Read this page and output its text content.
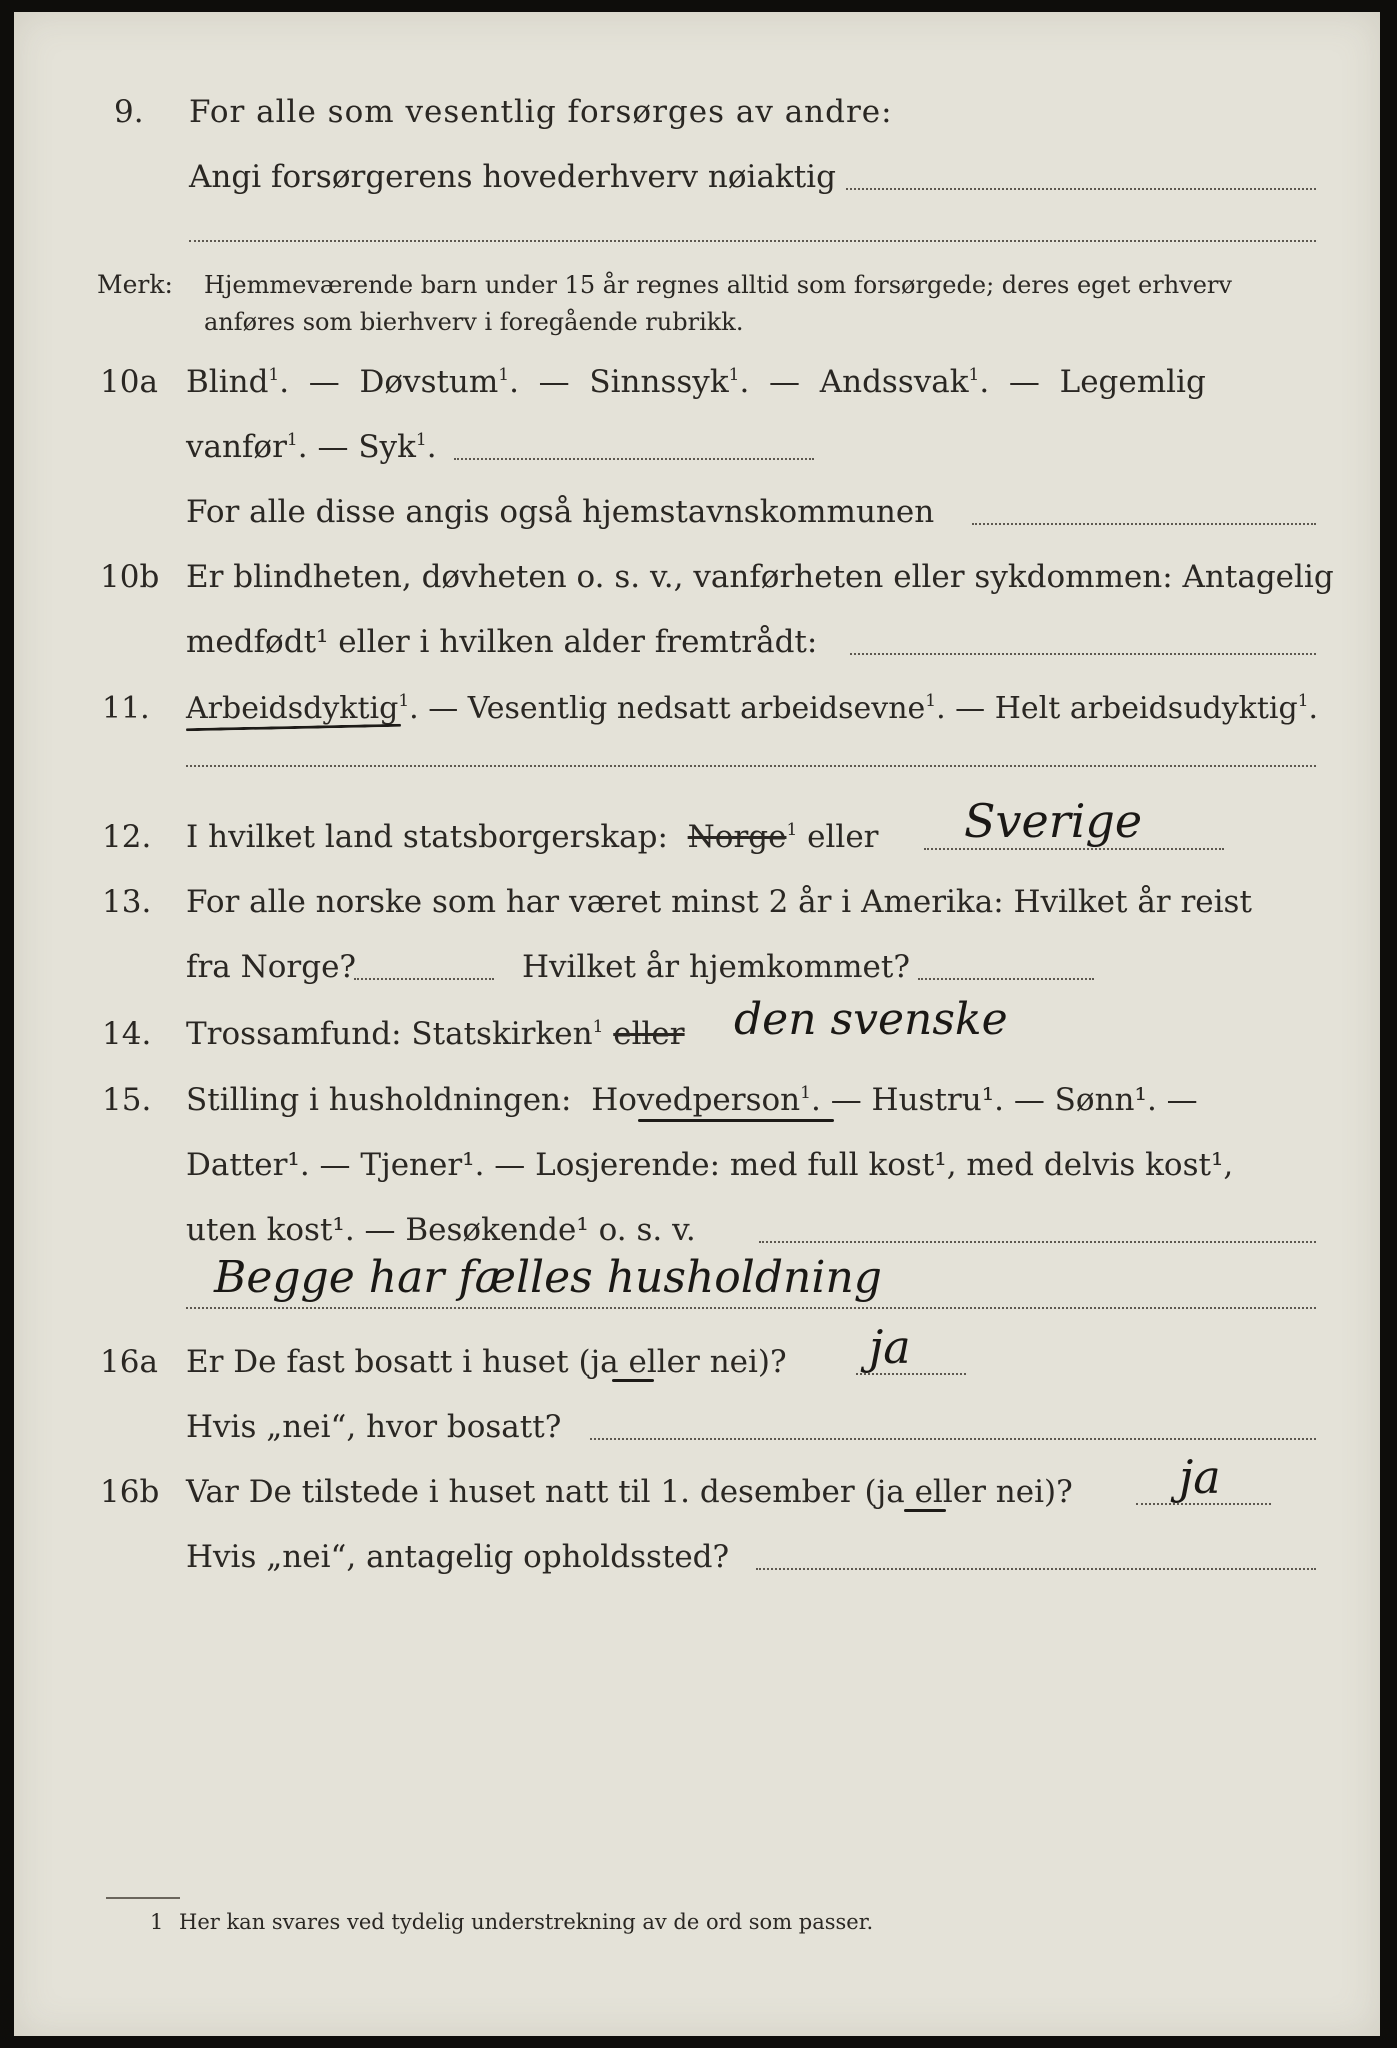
9. For alle som vesentlig forsørges av andre:
Angi forsørgerens hovederhverv nøiaktig
Merk: Hjemmeværende barn under 15 år regnes alltid som forsørgede; deres eget erhverv
anføres som bierhverv i foregående rubrikk.
10a Blind$^1$.  —  Døvstum$^1$.  —  Sinnssyk$^1$.  —  Andssvak$^1$.  —  Legemlig
vanfør$^1$. — Syk$^1$.
For alle disse angis også hjemstavnskommunen
10b Er blindheten, døvheten o. s. v., vanførheten eller sykdommen: Antagelig
medfødt¹ eller i hvilken alder fremtrådt:
11. Arbeidsdyktig$^1$. — Vesentlig nedsatt arbeidsevne$^1$. — Helt arbeidsudyktig$^1$.
12. I hvilket land statsborgerskap: Norge$^1$ eller Sverige
13. For alle norske som har været minst 2 år i Amerika: Hvilket år reist
fra Norge?	Hvilket år hjemkommet?
14. Trossamfund: Statskirken$^1$ eller den svenske
15. Stilling i husholdningen: Hovedperson$^1$. — Hustru¹. — Sønn¹. —
Datter¹. — Tjener¹. — Losjerende: med full kost¹, med delvis kost¹,
uten kost¹. — Besøkende¹ o. s. v.
Begge har fælles husholdning
16a Er De fast bosatt i huset (ja eller nei)? ja
Hvis „nei“, hvor bosatt?
16b Var De tilstede i huset natt til 1. desember (ja eller nei)? ja
Hvis „nei“, antagelig opholdssted?
1 Her kan svares ved tydelig understrekning av de ord som passer.
